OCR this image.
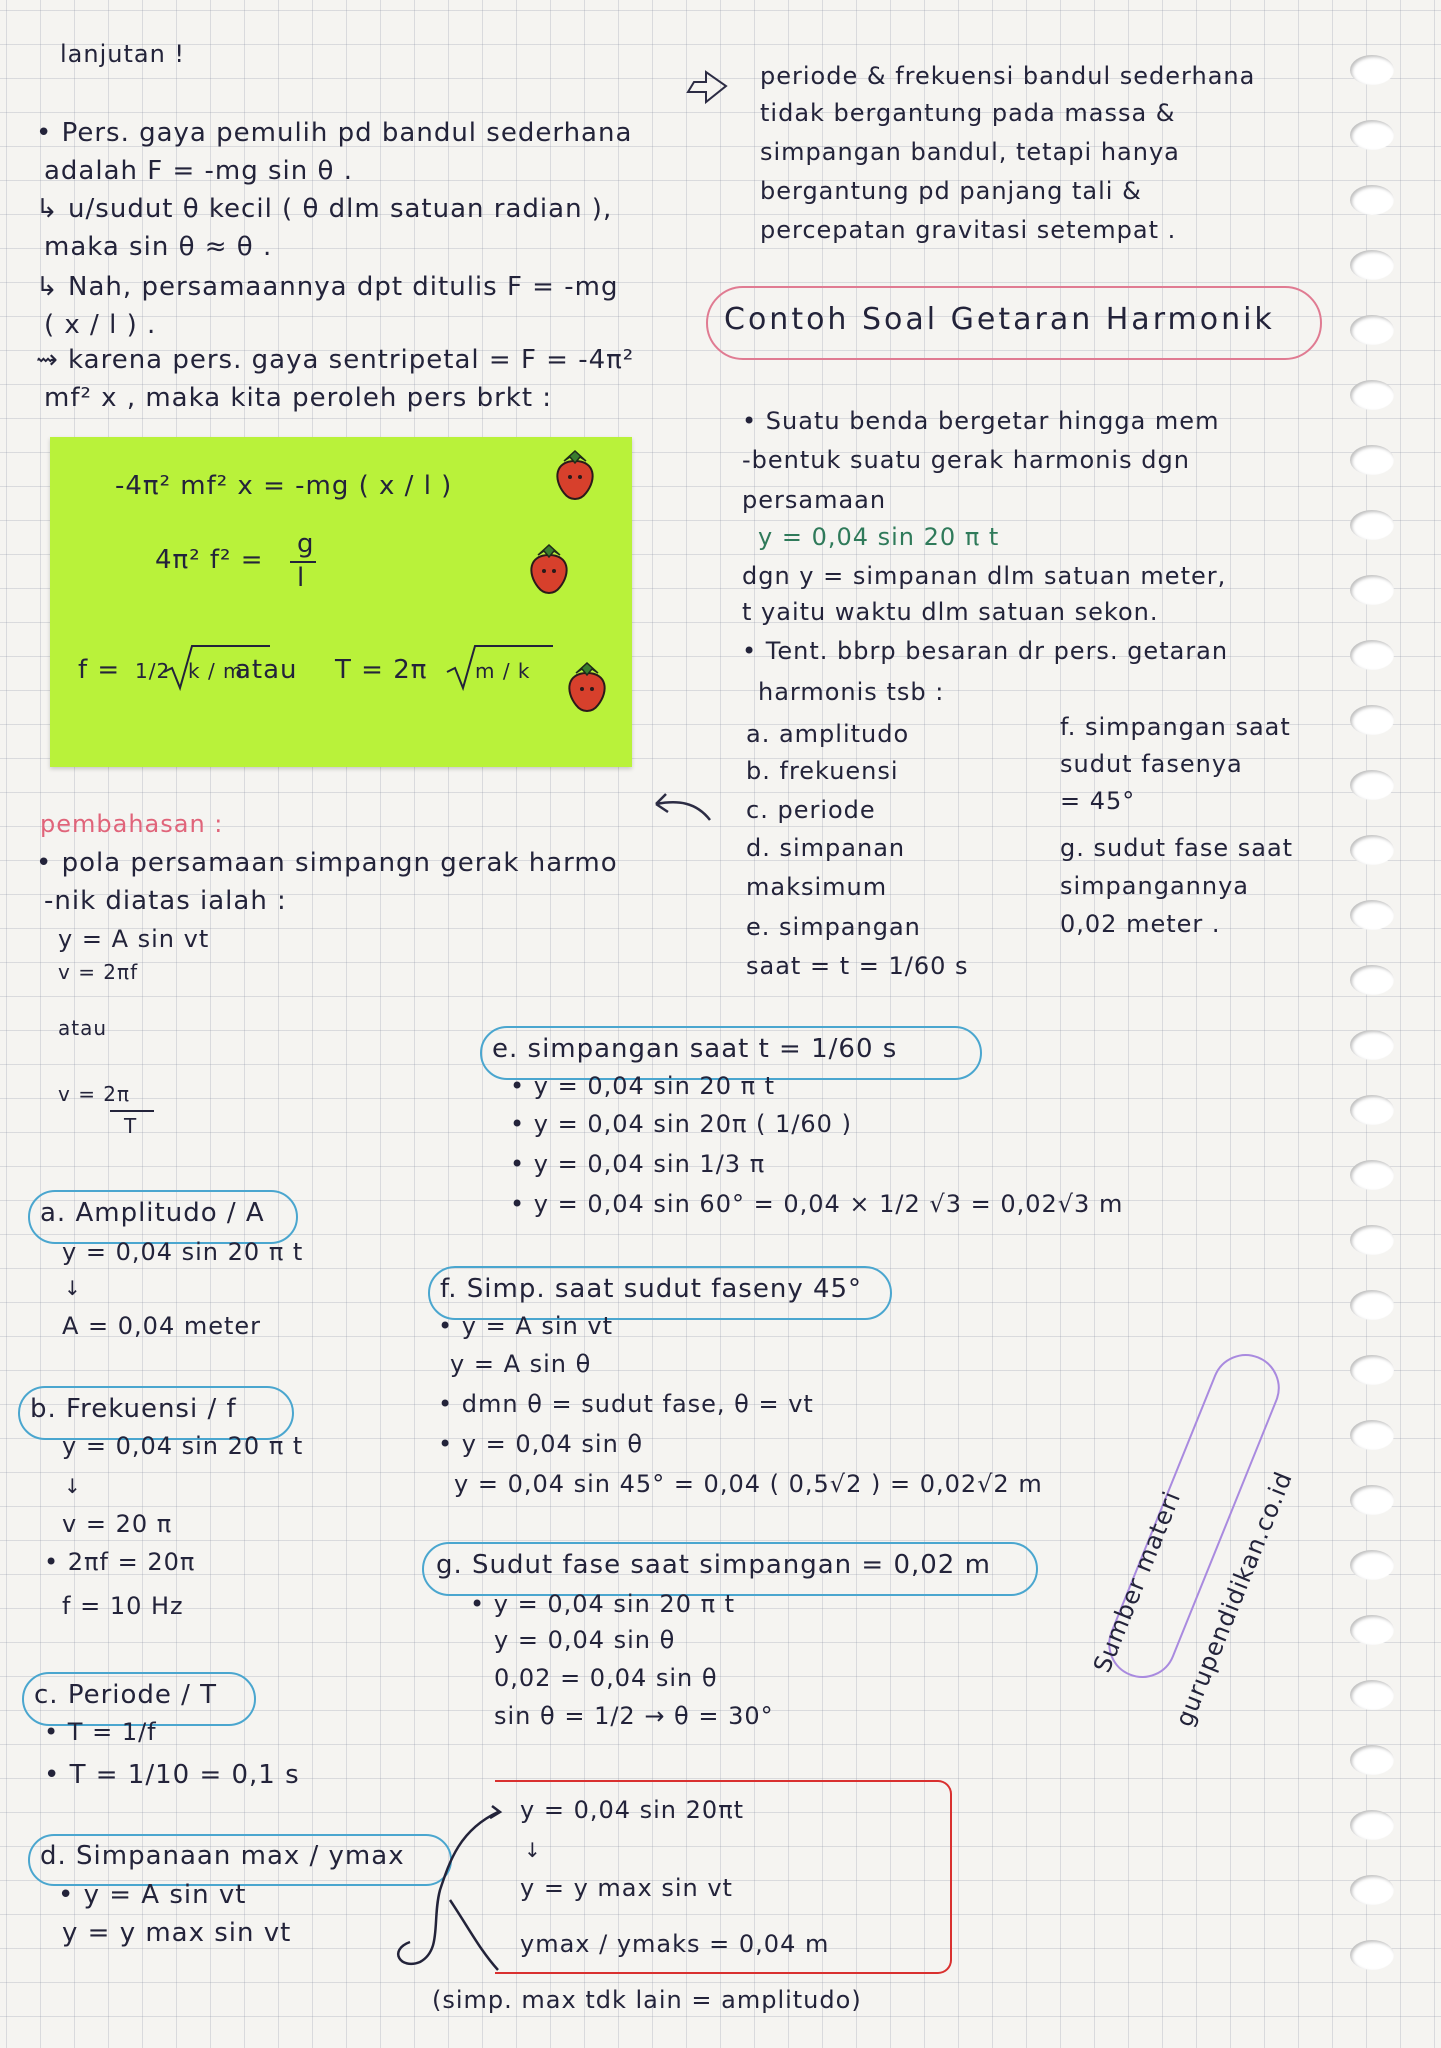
lanjutan !
• Pers. gaya pemulih pd bandul sederhana
adalah F = -mg sin θ .
↳ u/sudut θ kecil ( θ dlm satuan radian ),
maka sin θ ≈ θ .
↳ Nah, persamaannya dpt ditulis F = -mg
( x / l ) .
⇝ karena pers. gaya sentripetal = F = -4π²
mf² x , maka kita peroleh pers brkt :
periode & frekuensi bandul sederhana
tidak bergantung pada massa &
simpangan bandul, tetapi hanya
bergantung pd panjang tali &
percepatan gravitasi setempat .
-4π² mf² x = -mg ( x / l )
4π² f² =
g
l
f = 1/2 k / m
atau T = 2π m / k
Contoh Soal Getaran Harmonik
• Suatu benda bergetar hingga mem
-bentuk suatu gerak harmonis dgn
persamaan
y = 0,04 sin 20 π t
dgn y = simpanan dlm satuan meter,
t yaitu waktu dlm satuan sekon.
• Tent. bbrp besaran dr pers. getaran
harmonis tsb :
a. amplitudo
b. frekuensi
c. periode
d. simpanan
maksimum
e. simpangan
saat = t = 1/60 s
f. simpangan saat
sudut fasenya
= 45°
g. sudut fase saat
simpangannya
0,02 meter .
pembahasan :
• pola persamaan simpangn gerak harmo
-nik diatas ialah :
y = A sin vt
v = 2πf
atau
v = 2π
T
a. Amplitudo / A
y = 0,04 sin 20 π t
↓
A = 0,04 meter
b. Frekuensi / f
y = 0,04 sin 20 π t
↓
v = 20 π
• 2πf = 20π
f = 10 Hz
c. Periode / T
• T = 1/f
• T = 1/10 = 0,1 s
d. Simpanaan max / ymax
• y = A sin vt
y = y max sin vt
e. simpangan saat t = 1/60 s
• y = 0,04 sin 20 π t
• y = 0,04 sin 20π ( 1/60 )
• y = 0,04 sin 1/3 π
• y = 0,04 sin 60° = 0,04 × 1/2 √3 = 0,02√3 m
f. Simp. saat sudut faseny 45°
• y = A sin vt
y = A sin θ
• dmn θ = sudut fase, θ = vt
• y = 0,04 sin θ
y = 0,04 sin 45° = 0,04 ( 0,5√2 ) = 0,02√2 m
g. Sudut fase saat simpangan = 0,02 m
• y = 0,04 sin 20 π t
y = 0,04 sin θ
0,02 = 0,04 sin θ
sin θ = 1/2 → θ = 30°
y = 0,04 sin 20πt
↓
y = y max sin vt
ymax / ymaks = 0,04 m
(simp. max tdk lain = amplitudo)
Sumber materi
gurupendidikan.co.id
